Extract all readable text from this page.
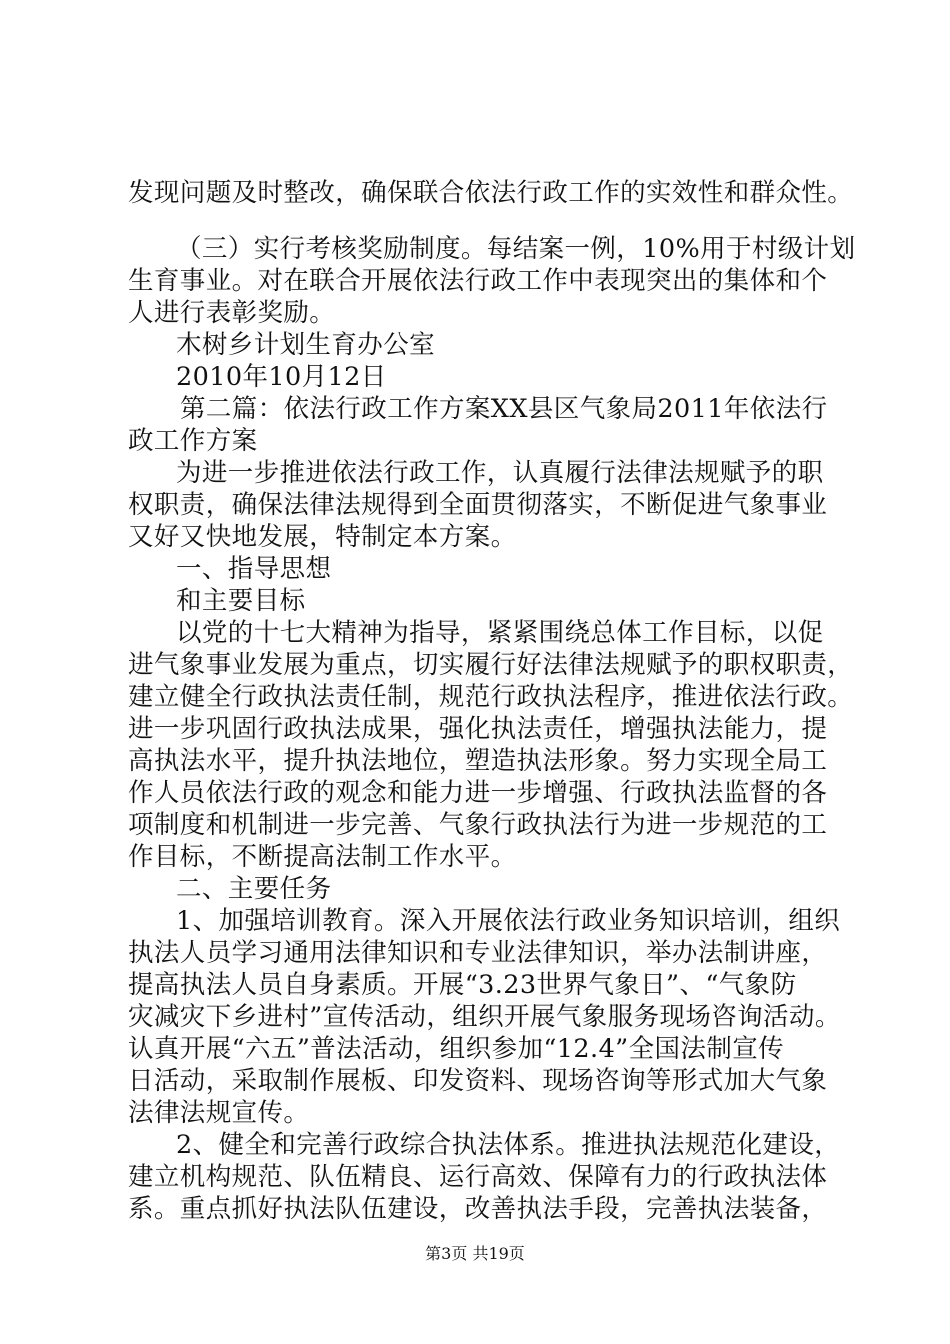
发现问题及时整改，确保联合依法行政工作的实效性和群众性。
（三）实行考核奖励制度。每结案一例，10%用于村级计划
生育事业。对在联合开展依法行政工作中表现突出的集体和个
人进行表彰奖励。
木树乡计划生育办公室
2010年10月12日
第二篇：依法行政工作方案XX县区气象局2011年依法行
政工作方案
为进一步推进依法行政工作，认真履行法律法规赋予的职
权职责，确保法律法规得到全面贯彻落实，不断促进气象事业
又好又快地发展，特制定本方案。
一、指导思想
和主要目标
以党的十七大精神为指导，紧紧围绕总体工作目标，以促
进气象事业发展为重点，切实履行好法律法规赋予的职权职责，
建立健全行政执法责任制，规范行政执法程序，推进依法行政。
进一步巩固行政执法成果，强化执法责任，增强执法能力，提
高执法水平，提升执法地位，塑造执法形象。努力实现全局工
作人员依法行政的观念和能力进一步增强、行政执法监督的各
项制度和机制进一步完善、气象行政执法行为进一步规范的工
作目标，不断提高法制工作水平。
二、主要任务
1、加强培训教育。深入开展依法行政业务知识培训，组织
执法人员学习通用法律知识和专业法律知识，举办法制讲座，
提高执法人员自身素质。开展“3.23世界气象日”、“气象防
灾减灾下乡进村”宣传活动，组织开展气象服务现场咨询活动。
认真开展“六五”普法活动，组织参加“12.4”全国法制宣传
日活动，采取制作展板、印发资料、现场咨询等形式加大气象
法律法规宣传。
2、健全和完善行政综合执法体系。推进执法规范化建设，
建立机构规范、队伍精良、运行高效、保障有力的行政执法体
系。重点抓好执法队伍建设，改善执法手段，完善执法装备，
第3页 共19页
